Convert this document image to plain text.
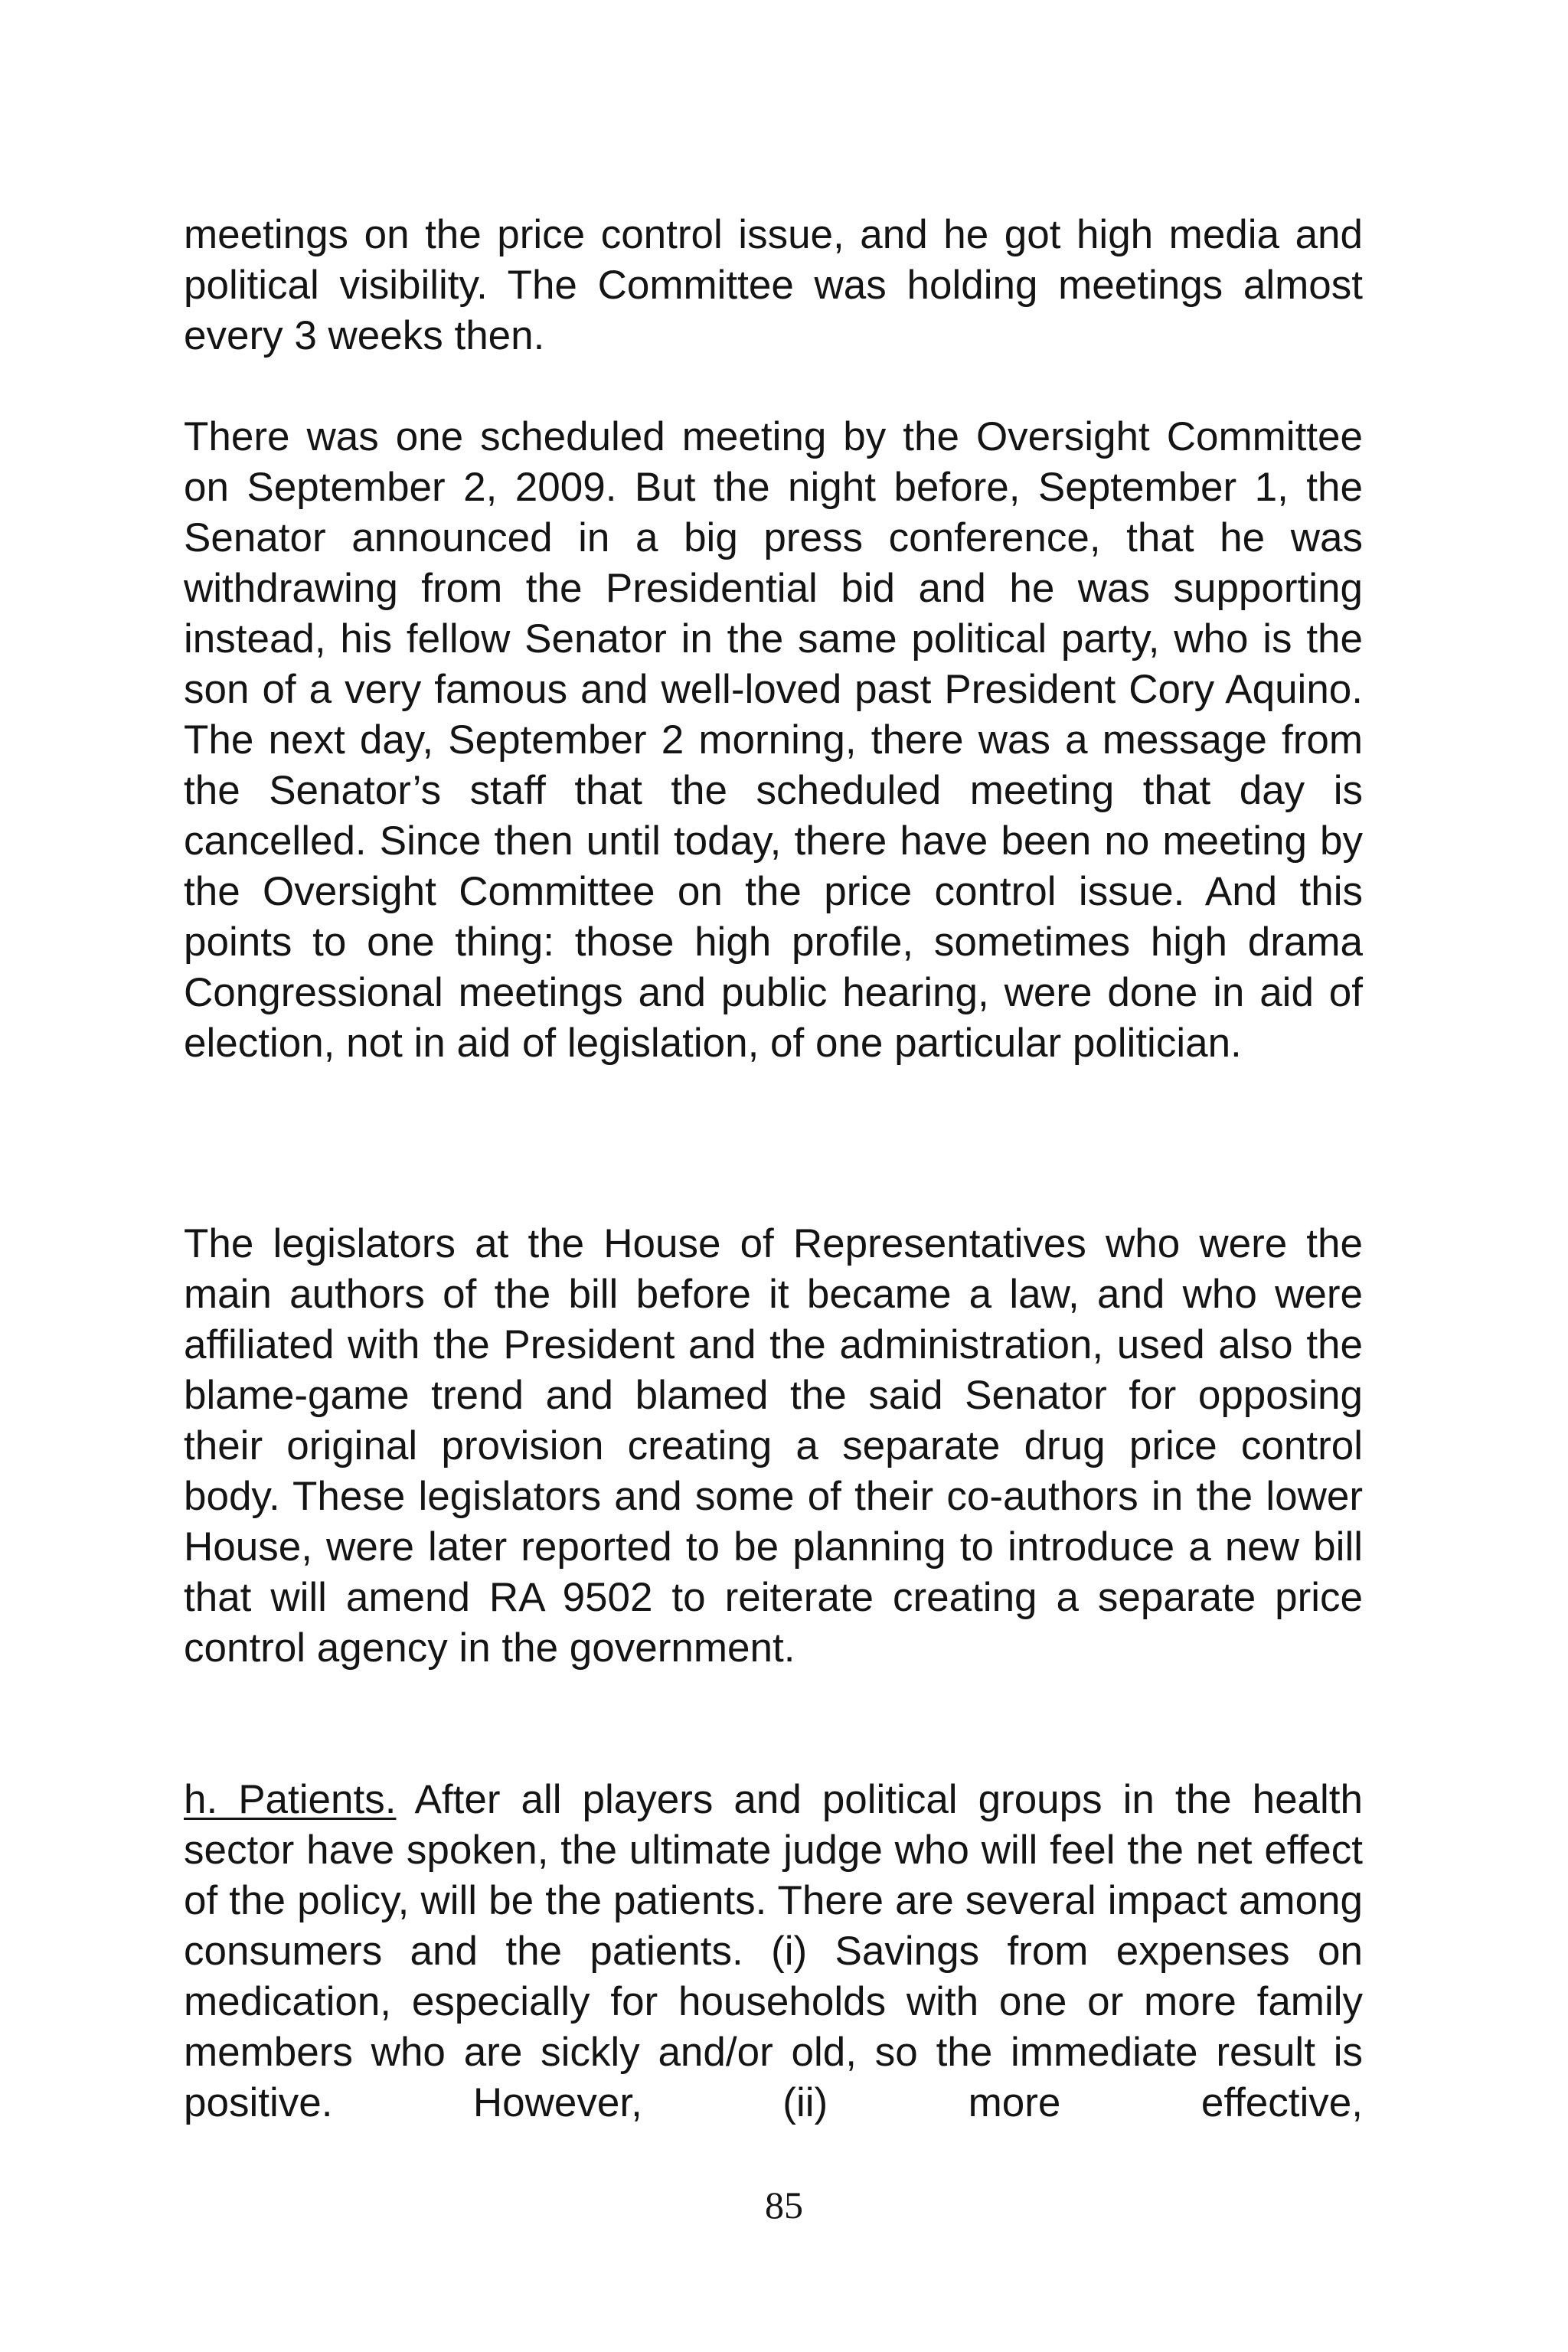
meetings on the price control issue, and he got high media and political visibility. The Committee was holding meetings almost every 3 weeks then.

There was one scheduled meeting by the Oversight Committee on September 2, 2009. But the night before, September 1, the Senator announced in a big press conference, that he was withdrawing from the Presidential bid and he was supporting instead, his fellow Senator in the same political party, who is the son of a very famous and well-loved past President Cory Aquino. The next day, September 2 morning, there was a message from the Senator’s staff that the scheduled meeting that day is cancelled. Since then until today, there have been no meeting by the Oversight Committee on the price control issue. And this points to one thing: those high profile, sometimes high drama Congressional meetings and public hearing, were done in aid of election, not in aid of legislation, of one particular politician.

The legislators at the House of Representatives who were the main authors of the bill before it became a law, and who were affiliated with the President and the administration, used also the blame-game trend and blamed the said Senator for opposing their original provision creating a separate drug price control body. These legislators and some of their co-authors in the lower House, were later reported to be planning to introduce a new bill that will amend RA 9502 to reiterate creating a separate price control agency in the government.

h. Patients. After all players and political groups in the health sector have spoken, the ultimate judge who will feel the net effect of the policy, will be the patients. There are several impact among consumers and the patients. (i) Savings from expenses on medication, especially for households with one or more family members who are sickly and/or old, so the immediate result is positive. However, (ii) more effective,

85
